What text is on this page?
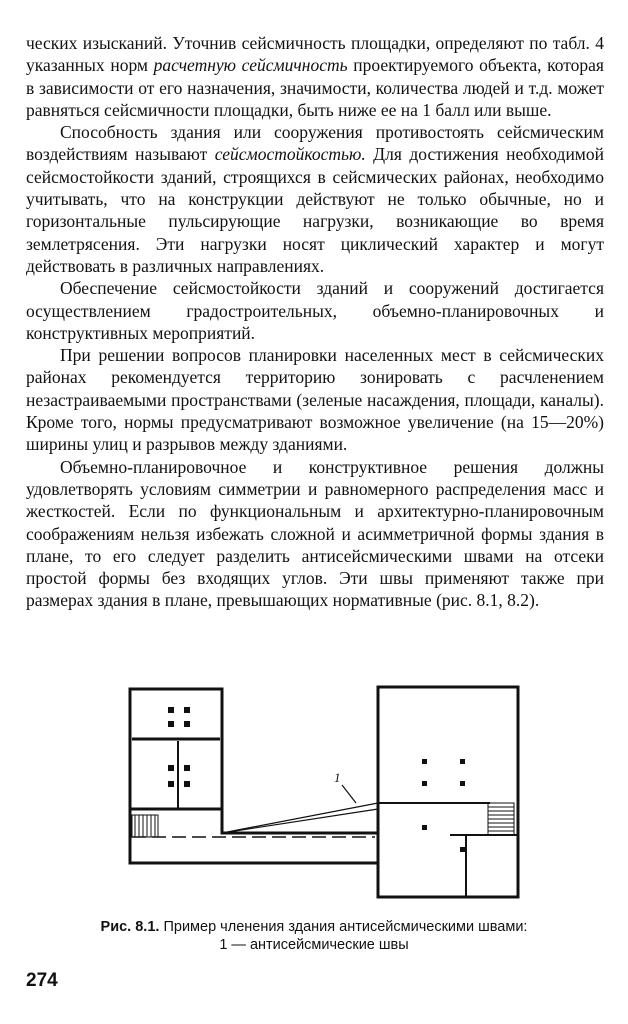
ческих изысканий. Уточнив сейсмичность площадки, определяют по табл. 4 указанных норм расчетную сейсмичность проектируемого объекта, которая в зависимости от его назначения, значимости, количества людей и т.д. может равняться сейсмичности площадки, быть ниже ее на 1 балл или выше.

Способность здания или сооружения противостоять сейсмическим воздействиям называют сейсмостойкостью. Для достижения необходимой сейсмостойкости зданий, строящихся в сейсмических районах, необходимо учитывать, что на конструкции действуют не только обычные, но и горизонтальные пульсирующие нагрузки, возникающие во время землетрясения. Эти нагрузки носят циклический характер и могут действовать в различных направлениях.

Обеспечение сейсмостойкости зданий и сооружений достигается осуществлением градостроительных, объемно-планировочных и конструктивных мероприятий.

При решении вопросов планировки населенных мест в сейсмических районах рекомендуется территорию зонировать с расчленением незастраиваемыми пространствами (зеленые насаждения, площади, каналы). Кроме того, нормы предусматривают возможное увеличение (на 15—20%) ширины улиц и разрывов между зданиями.

Объемно-планировочное и конструктивное решения должны удовлетворять условиям симметрии и равномерного распределения масс и жесткостей. Если по функциональным и архитектурно-планировочным соображениям нельзя избежать сложной и асимметричной формы здания в плане, то его следует разделить антисейсмическими швами на отсеки простой формы без входящих углов. Эти швы применяют также при размерах здания в плане, превышающих нормативные (рис. 8.1, 8.2).

1
Рис. 8.1. Пример членения здания антисейсмическими швами:
1 — антисейсмические швы
274
